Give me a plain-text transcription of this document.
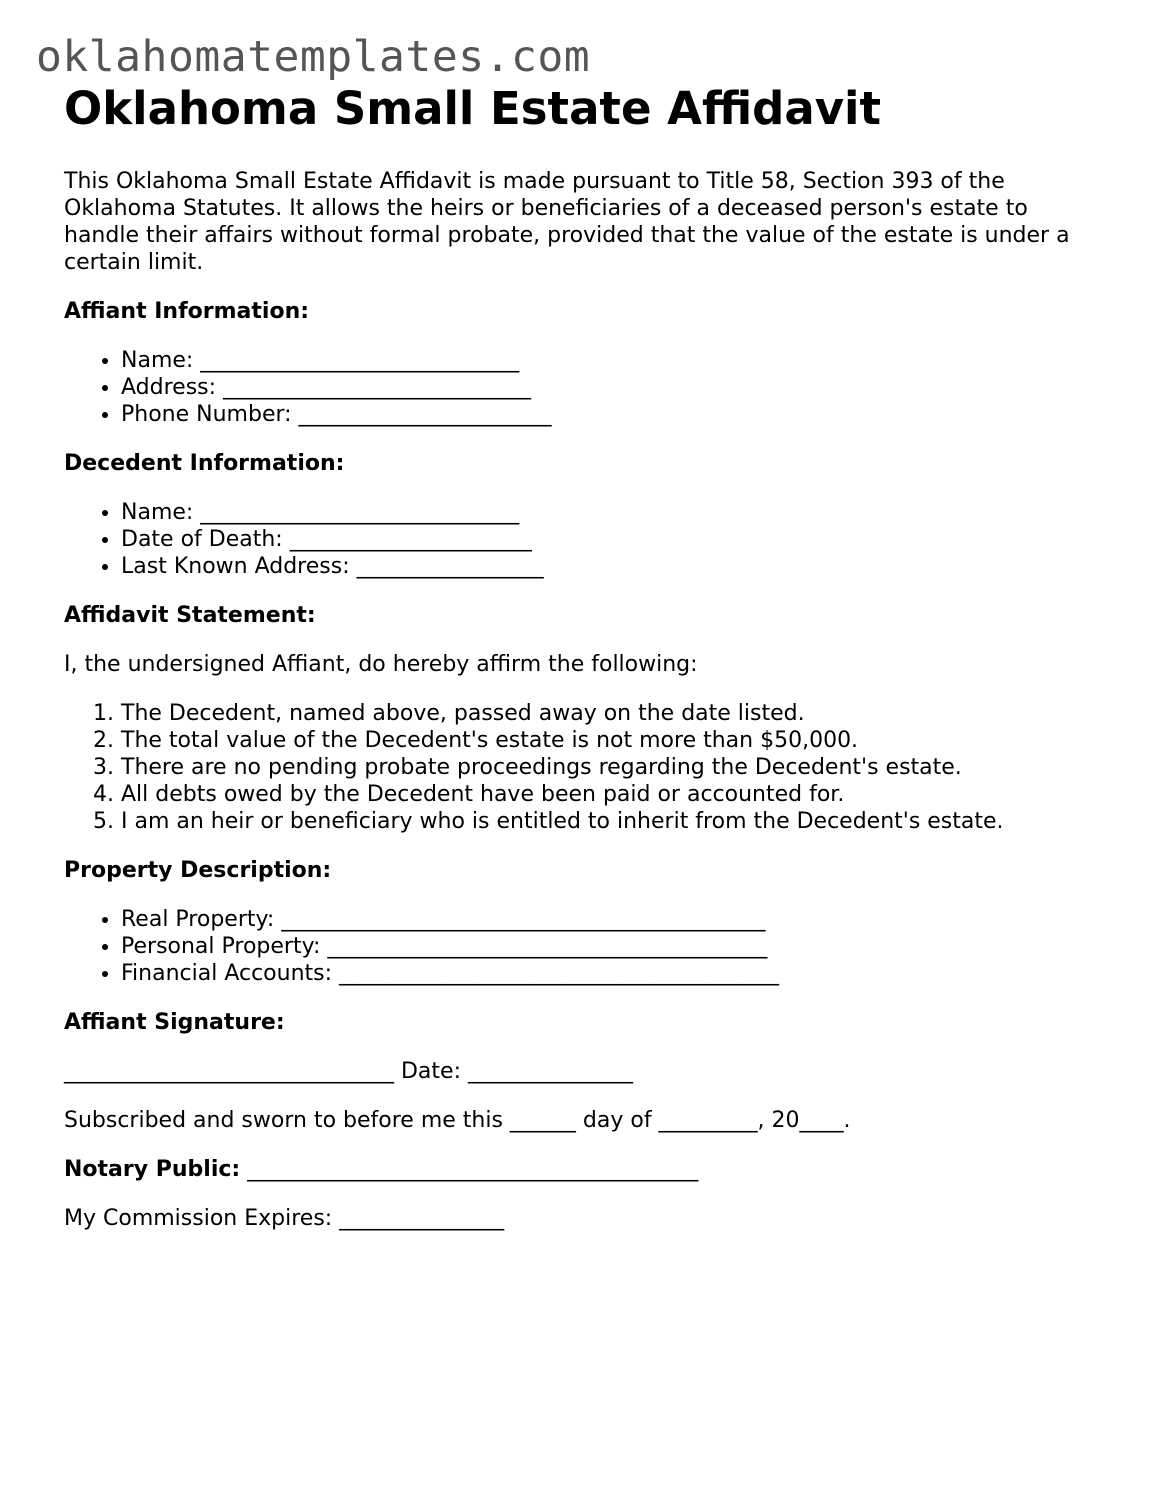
oklahomatemplates.com
Oklahoma Small Estate Affidavit

This Oklahoma Small Estate Affidavit is made pursuant to Title 58, Section 393 of the Oklahoma Statutes. It allows the heirs or beneficiaries of a deceased person's estate to handle their affairs without formal probate, provided that the value of the estate is under a certain limit.

Affiant Information:

• Name: _____________________________
• Address: ____________________________
• Phone Number: _______________________

Decedent Information:

• Name: _____________________________
• Date of Death: ______________________
• Last Known Address: _________________

Affidavit Statement:

I, the undersigned Affiant, do hereby affirm the following:

1. The Decedent, named above, passed away on the date listed.
2. The total value of the Decedent's estate is not more than $50,000.
3. There are no pending probate proceedings regarding the Decedent's estate.
4. All debts owed by the Decedent have been paid or accounted for.
5. I am an heir or beneficiary who is entitled to inherit from the Decedent's estate.

Property Description:

• Real Property: ____________________________________________
• Personal Property: ________________________________________
• Financial Accounts: ________________________________________

Affiant Signature:

______________________________ Date: _______________

Subscribed and sworn to before me this ______ day of _________, 20____.

Notary Public: _________________________________________

My Commission Expires: _______________
